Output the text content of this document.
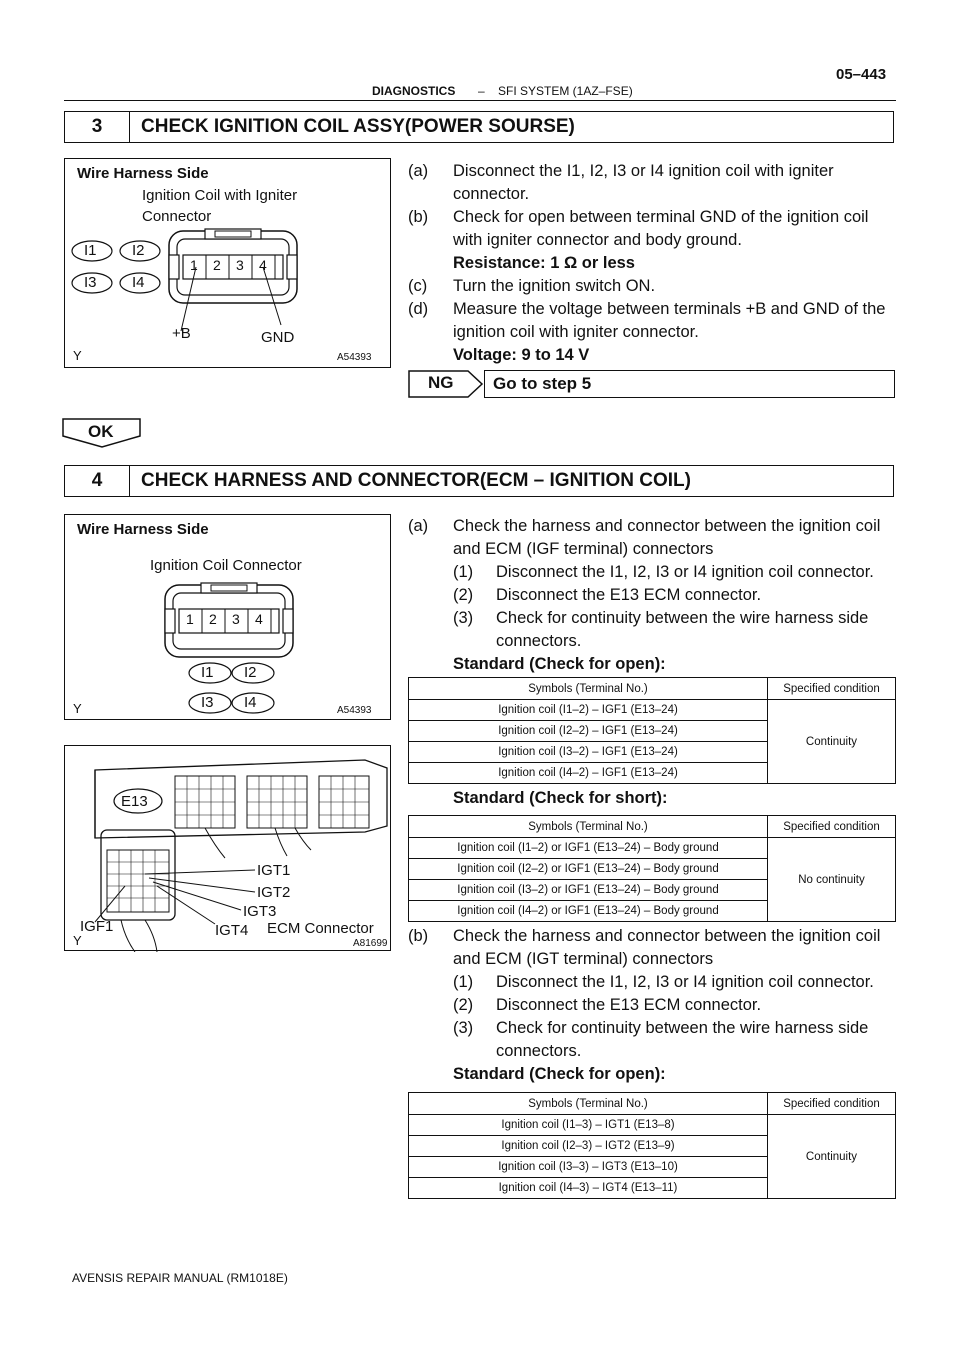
DIAGNOSTICS – SFI SYSTEM (1AZ–FSE)
05–443
3	CHECK IGNITION COIL ASSY(POWER SOURSE)
Wire Harness Side
Ignition Coil with Igniter
Connector
I1 I2
I3 I4
1 2 3 4
+B	GND
Y	A54393
(a) Disconnect the I1, I2, I3 or I4 ignition coil with igniter connector.
(b) Check for open between terminal GND of the ignition coil with igniter connector and body ground.
Resistance: 1 Ω or less
(c) Turn the ignition switch ON.
(d) Measure the voltage between terminals +B and GND of the ignition coil with igniter connector.
Voltage: 9 to 14 V
NG Go to step 5
OK
4	CHECK HARNESS AND CONNECTOR(ECM – IGNITION COIL)
Wire Harness Side
Ignition Coil Connector
1 2 3 4
I1 I2
I3 I4
Y	A54393
E13
IGT1
IGT2
IGT3
IGF1	IGT4 ECM Connector
Y	A81699
(a) Check the harness and connector between the ignition coil and ECM (IGF terminal) connectors
(1) Disconnect the I1, I2, I3 or I4 ignition coil connector.
(2) Disconnect the E13 ECM connector.
(3) Check for continuity between the wire harness side connectors.
Standard (Check for open):
Symbols (Terminal No.)	Specified condition
Ignition coil (I1–2) – IGF1 (E13–24)	Continuity
Ignition coil (I2–2) – IGF1 (E13–24)	
Ignition coil (I3–2) – IGF1 (E13–24)	
Ignition coil (I4–2) – IGF1 (E13–24)	
Standard (Check for short):
Symbols (Terminal No.)	Specified condition
Ignition coil (I1–2) or IGF1 (E13–24) – Body ground	No continuity
Ignition coil (I2–2) or IGF1 (E13–24) – Body ground	
Ignition coil (I3–2) or IGF1 (E13–24) – Body ground	
Ignition coil (I4–2) or IGF1 (E13–24) – Body ground	
(b) Check the harness and connector between the ignition coil and ECM (IGT terminal) connectors
(1) Disconnect the I1, I2, I3 or I4 ignition coil connector.
(2) Disconnect the E13 ECM connector.
(3) Check for continuity between the wire harness side connectors.
Standard (Check for open):
Symbols (Terminal No.)	Specified condition
Ignition coil (I1–3) – IGT1 (E13–8)	Continuity
Ignition coil (I2–3) – IGT2 (E13–9)	
Ignition coil (I3–3) – IGT3 (E13–10)	
Ignition coil (I4–3) – IGT4 (E13–11)	
AVENSIS REPAIR MANUAL (RM1018E)
